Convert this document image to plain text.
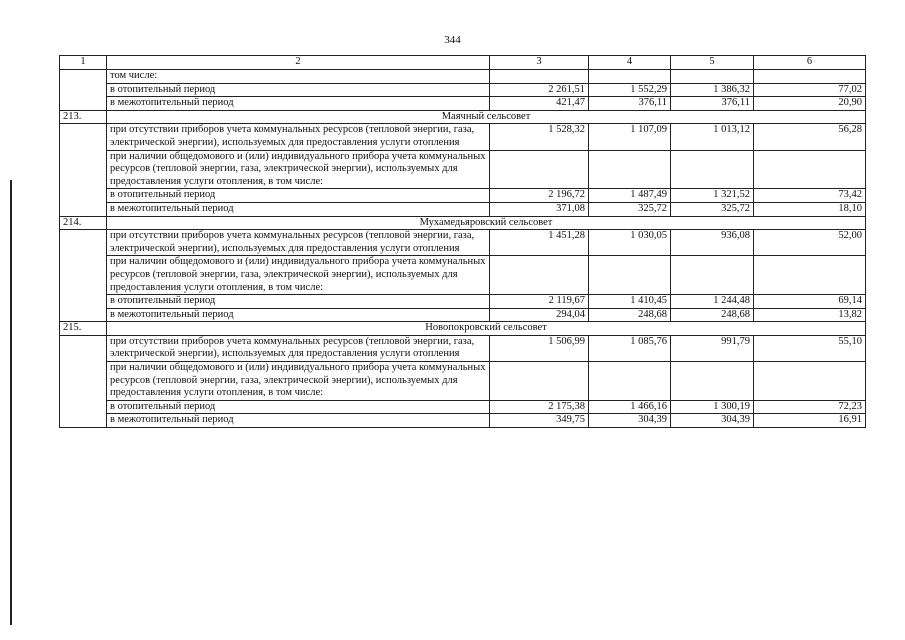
344
1	2	3	4	5	6
	том числе:				
	в отопительный период	2 261,51	1 552,29	1 386,32	77,02
	в межотопительный период	421,47	376,11	376,11	20,90
213.	Маячный сельсовет				
	при отсутствии приборов учета коммунальных ресурсов (тепловой энергии, газа, электрической энергии), используемых для предоставления услуги отопления	1 528,32	1 107,09	1 013,12	56,28
	при наличии общедомового и (или) индивидуального прибора учета коммунальных ресурсов (тепловой энергии, газа, электрической энергии), используемых для предоставления услуги отопления, в том числе:				
	в отопительный период	2 196,72	1 487,49	1 321,52	73,42
	в межотопительный период	371,08	325,72	325,72	18,10
214.	Мухамедьяровский сельсовет				
	при отсутствии приборов учета коммунальных ресурсов (тепловой энергии, газа, электрической энергии), используемых для предоставления услуги отопления	1 451,28	1 030,05	936,08	52,00
	при наличии общедомового и (или) индивидуального прибора учета коммунальных ресурсов (тепловой энергии, газа, электрической энергии), используемых для предоставления услуги отопления, в том числе:				
	в отопительный период	2 119,67	1 410,45	1 244,48	69,14
	в межотопительный период	294,04	248,68	248,68	13,82
215.	Новопокровский сельсовет				
	при отсутствии приборов учета коммунальных ресурсов (тепловой энергии, газа, электрической энергии), используемых для предоставления услуги отопления	1 506,99	1 085,76	991,79	55,10
	при наличии общедомового и (или) индивидуального прибора учета коммунальных ресурсов (тепловой энергии, газа, электрической энергии), используемых для предоставления услуги отопления, в том числе:				
	в отопительный период	2 175,38	1 466,16	1 300,19	72,23
	в межотопительный период	349,75	304,39	304,39	16,91
